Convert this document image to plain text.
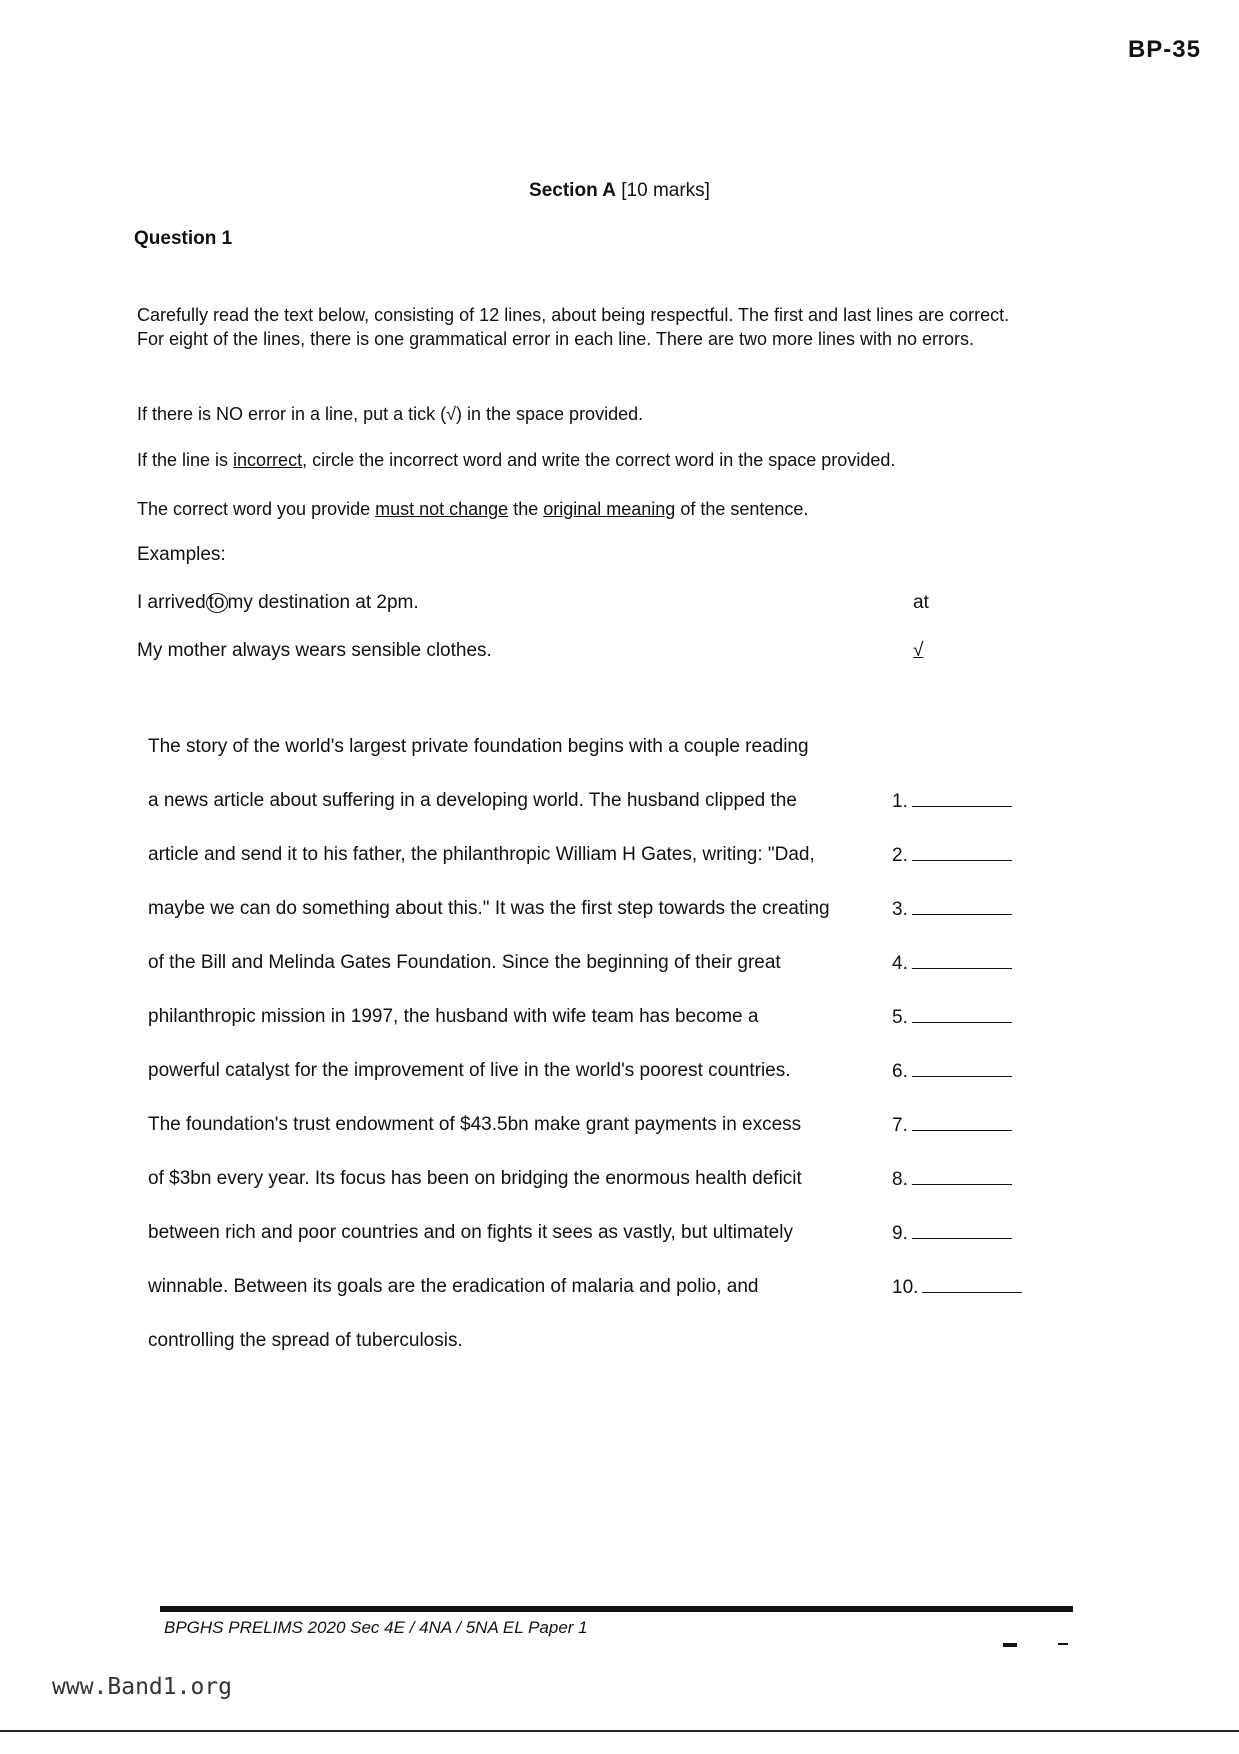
BP-35
Section A [10 marks]
Question 1
Carefully read the text below, consisting of 12 lines, about being respectful. The first and last lines are correct. For eight of the lines, there is one grammatical error in each line. There are two more lines with no errors.
If there is NO error in a line, put a tick (√) in the space provided.
If the line is incorrect, circle the incorrect word and write the correct word in the space provided.
The correct word you provide must not change the original meaning of the sentence.
Examples:
I arrived to my destination at 2pm.	at
My mother always wears sensible clothes.	√
The story of the world's largest private foundation begins with a couple reading
a news article about suffering in a developing world. The husband clipped the
article and send it to his father, the philanthropic William H Gates, writing: "Dad,
maybe we can do something about this." It was the first step towards the creating
of the Bill and Melinda Gates Foundation. Since the beginning of their great
philanthropic mission in 1997, the husband with wife team has become a
powerful catalyst for the improvement of live in the world's poorest countries.
The foundation's trust endowment of $43.5bn make grant payments in excess
of $3bn every year. Its focus has been on bridging the enormous health deficit
between rich and poor countries and on fights it sees as vastly, but ultimately
winnable. Between its goals are the eradication of malaria and polio, and
controlling the spread of tuberculosis.
1.
2.
3.
4.
5.
6.
7.
8.
9.
10.
BPGHS PRELIMS 2020 Sec 4E / 4NA / 5NA EL Paper 1
www.Band1.org
